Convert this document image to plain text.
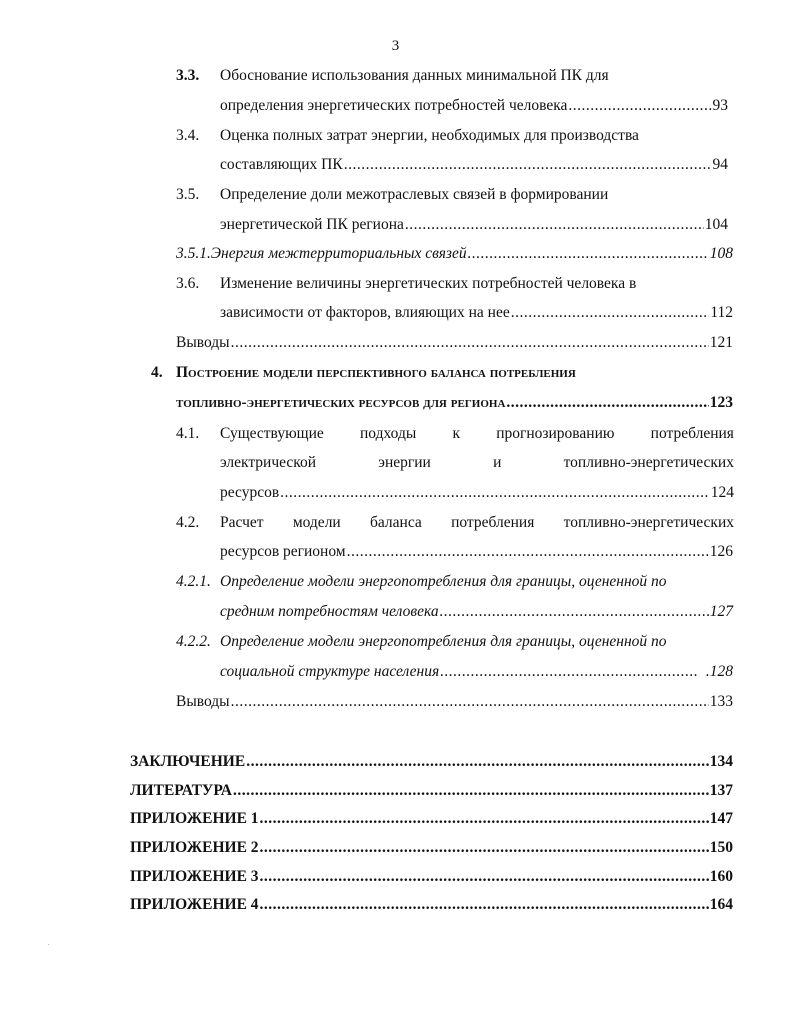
3
3.3. Обоснование использования данных минимальной ПК для
определения энергетических потребностей человека .....	93
3.4. Оценка полных затрат энергии, необходимых для производства
составляющих ПК .....	94
3.5. Определение доли межотраслевых связей в формировании
энергетической ПК региона .....	104
3.5.1. Энергия межтерриториальных связей .....	108
3.6. Изменение величины энергетических потребностей человека в
зависимости от факторов, влияющих на нее .....	112
Выводы .....	121
4. Построение модели перспективного баланса потребления
топливно-энергетических ресурсов для региона .....	123
4.1. Существующие подходы к прогнозированию потребления
электрической	энергии	и	топливно-энергетических
ресурсов .....	124
4.2. Расчет модели баланса потребления топливно-энергетических
ресурсов регионом .....	126
4.2.1. Определение модели энергопотребления для границы, оцененной по
средним потребностям человека .....	127
4.2.2. Определение модели энергопотребления для границы, оцененной по
социальной структуре населения .....	.128
Выводы .....	133
ЗАКЛЮЧЕНИЕ .....	134
ЛИТЕРАТУРА .....	137
ПРИЛОЖЕНИЕ 1 .....	147
ПРИЛОЖЕНИЕ 2 .....	150
ПРИЛОЖЕНИЕ 3 .....	160
ПРИЛОЖЕНИЕ 4 .....	164
